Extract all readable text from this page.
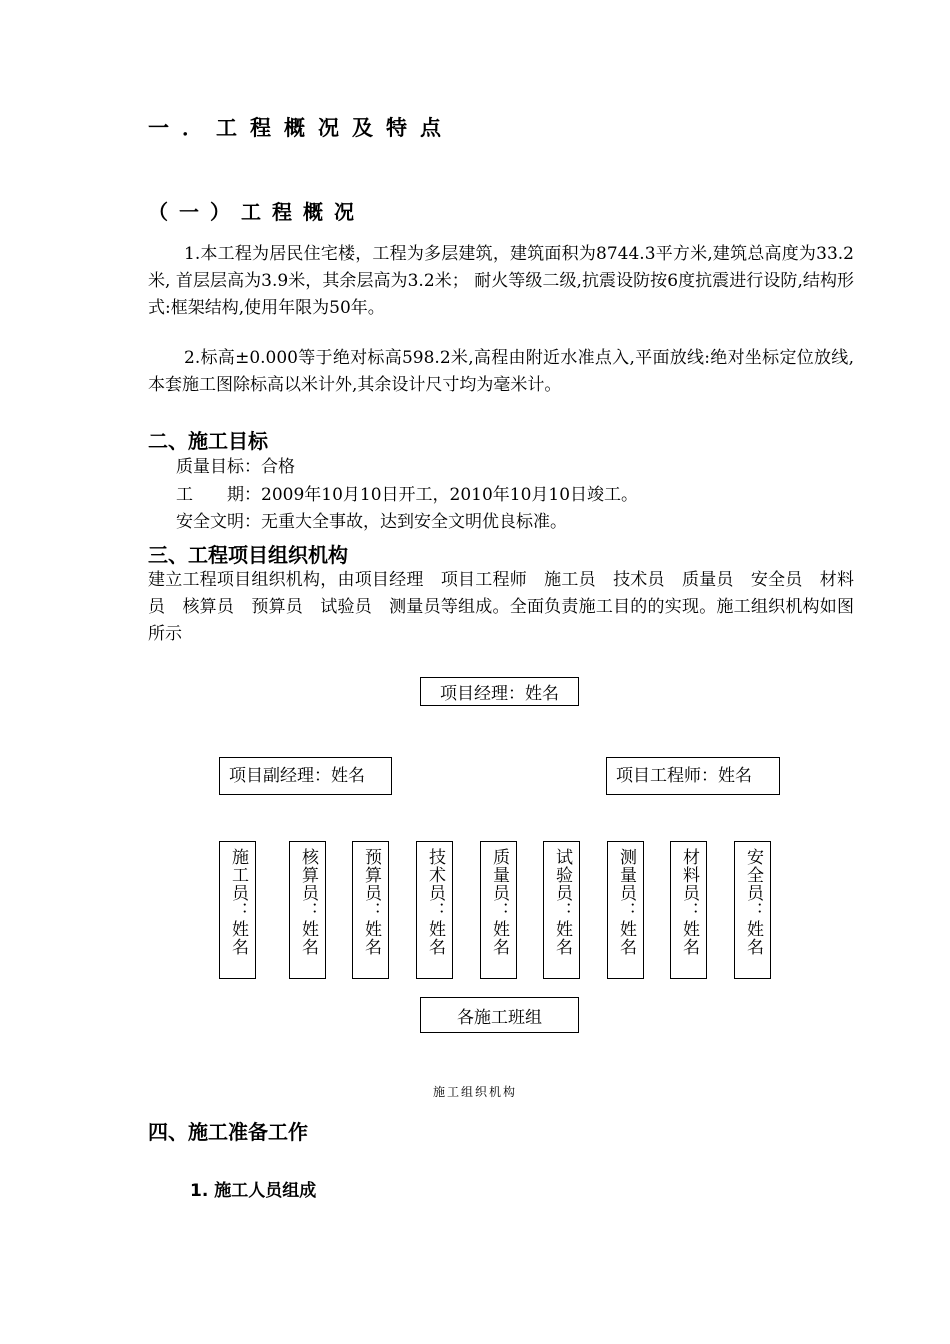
一．工程概况及特点
（一）工程概况
1.本工程为居民住宅楼，工程为多层建筑，建筑面积为8744.3平方米,建筑总高度为33.2米, 首层层高为3.9米，其余层高为3.2米； 耐火等级二级,抗震设防按6度抗震进行设防,结构形式:框架结构,使用年限为50年。
2.标高±0.000等于绝对标高598.2米,高程由附近水准点入,平面放线:绝对坐标定位放线,本套施工图除标高以米计外,其余设计尺寸均为毫米计。
二、施工目标
质量目标：合格
工　　期：2009年10月10日开工，2010年10月10日竣工。
安全文明：无重大全事故，达到安全文明优良标准。
三、工程项目组织机构
建立工程项目组织机构，由项目经理　项目工程师　施工员　技术员　质量员　安全员　材料员　核算员　预算员　试验员　测量员等组成。全面负责施工目的的实现。施工组织机构如图所示
项目经理：姓名
项目副经理：姓名	项目工程师：姓名
施工员：姓名	核算员：姓名	预算员：姓名	技术员：姓名	质量员：姓名	试验员：姓名	测量员：姓名	材料员：姓名	安全员：姓名
各施工班组
施工组织机构
四、施工准备工作
1. 施工人员组成
